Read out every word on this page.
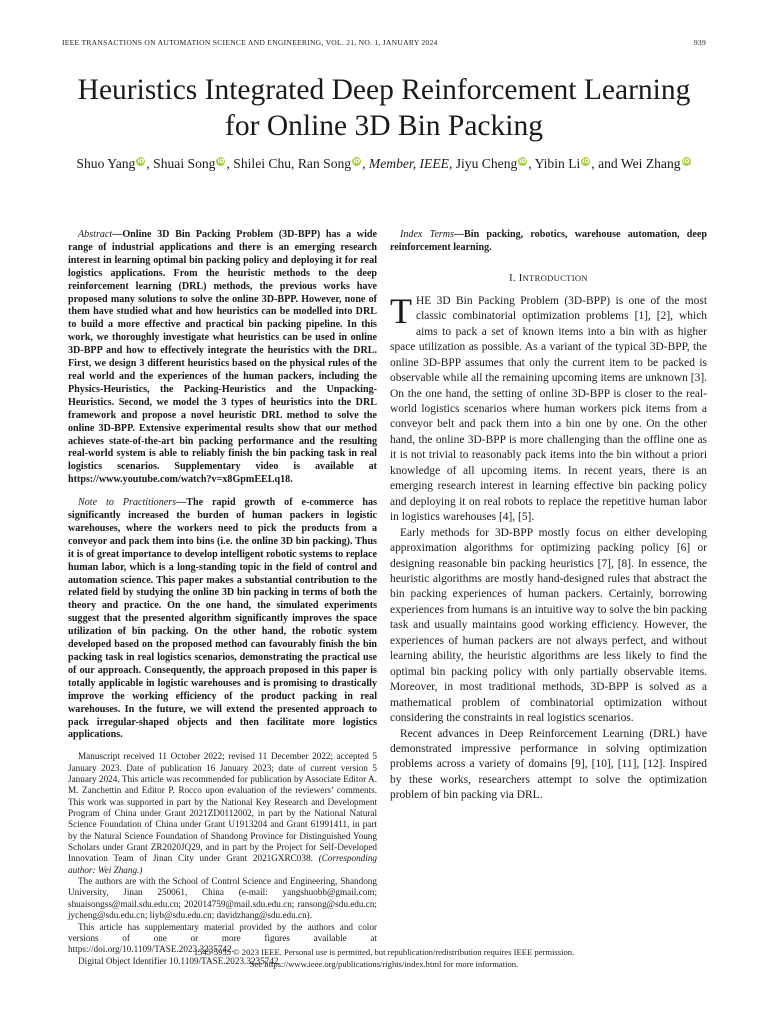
IEEE TRANSACTIONS ON AUTOMATION SCIENCE AND ENGINEERING, VOL. 21, NO. 1, JANUARY 2024	939
Heuristics Integrated Deep Reinforcement Learning
for Online 3D Bin Packing
Shuo Yang iD , Shuai Song iD , Shilei Chu, Ran Song iD , Member, IEEE, Jiyu Cheng iD , Yibin Li iD , and Wei Zhang iD

Abstract—Online 3D Bin Packing Problem (3D-BPP) has a wide range of industrial applications and there is an emerging research interest in learning optimal bin packing policy and deploying it for real logistics applications. From the heuristic methods to the deep reinforcement learning (DRL) methods, the previous works have proposed many solutions to solve the online 3D-BPP. However, none of them have studied what and how heuristics can be modelled into DRL to build a more effective and practical bin packing pipeline. In this work, we thoroughly investigate what heuristics can be used in online 3D-BPP and how to effectively integrate the heuristics with the DRL. First, we design 3 different heuristics based on the physical rules of the real world and the experiences of the human packers, including the Physics-Heuristics, the Packing-Heuristics and the Unpacking-Heuristics. Second, we model the 3 types of heuristics into the DRL framework and propose a novel heuristic DRL method to solve the online 3D-BPP. Extensive experimental results show that our method achieves state-of-the-art bin packing performance and the resulting real-world system is able to reliably finish the bin packing task in real logistics scenarios. Supplementary video is available at https://www.youtube.com/watch?v=x8GpmEELq18.

Note to Practitioners—The rapid growth of e-commerce has significantly increased the burden of human packers in logistic warehouses, where the workers need to pick the products from a conveyor and pack them into bins (i.e. the online 3D bin packing). Thus it is of great importance to develop intelligent robotic systems to replace human labor, which is a long-standing topic in the field of control and automation science. This paper makes a substantial contribution to the related field by studying the online 3D bin packing in terms of both the theory and practice. On the one hand, the simulated experiments suggest that the presented algorithm significantly improves the space utilization of bin packing. On the other hand, the robotic system developed based on the proposed method can favourably finish the bin packing task in real logistics scenarios, demonstrating the practical use of our approach. Consequently, the approach proposed in this paper is totally applicable in logistic warehouses and is promising to drastically improve the working efficiency of the product packing in real warehouses. In the future, we will extend the presented approach to pack irregular-shaped objects and then facilitate more logistics applications.

Manuscript received 11 October 2022; revised 11 December 2022; accepted 5 January 2023. Date of publication 16 January 2023; date of current version 5 January 2024. This article was recommended for publication by Associate Editor A. M. Zanchettin and Editor P. Rocco upon evaluation of the reviewers’ comments. This work was supported in part by the National Key Research and Development Program of China under Grant 2021ZD0112002, in part by the National Natural Science Foundation of China under Grant U1913204 and Grant 61991411, in part by the Natural Science Foundation of Shandong Province for Distinguished Young Scholars under Grant ZR2020JQ29, and in part by the Project for Self-Developed Innovation Team of Jinan City under Grant 2021GXRC038. (Corresponding author: Wei Zhang.)

The authors are with the School of Control Science and Engineering, Shandong University, Jinan 250061, China (e-mail: yangshuobb@gmail.com; shuaisongss@mail.sdu.edu.cn; 202014759@mail.sdu.edu.cn; ransong@sdu.edu.cn; jycheng@sdu.edu.cn; liyb@sdu.edu.cn; davidzhang@sdu.edu.cn).

This article has supplementary material provided by the authors and color versions of one or more figures available at https://doi.org/10.1109/TASE.2023.3235742.

Digital Object Identifier 10.1109/TASE.2023.3235742

Index Terms—Bin packing, robotics, warehouse automation, deep reinforcement learning.

I. INTRODUCTION

THE 3D Bin Packing Problem (3D-BPP) is one of the most classic combinatorial optimization problems [1], [2], which aims to pack a set of known items into a bin with as higher space utilization as possible. As a variant of the typical 3D-BPP, the online 3D-BPP assumes that only the current item to be packed is observable while all the remaining upcoming items are unknown [3]. On the one hand, the setting of online 3D-BPP is closer to the real-world logistics scenarios where human workers pick items from a conveyor belt and pack them into a bin one by one. On the other hand, the online 3D-BPP is more challenging than the offline one as it is not trivial to reasonably pack items into the bin without a priori knowledge of all upcoming items. In recent years, there is an emerging research interest in learning effective bin packing policy and deploying it on real robots to replace the repetitive human labor in logistics warehouses [4], [5].

Early methods for 3D-BPP mostly focus on either developing approximation algorithms for optimizing packing policy [6] or designing reasonable bin packing heuristics [7], [8]. In essence, the heuristic algorithms are mostly hand-designed rules that abstract the bin packing experiences of human packers. Certainly, borrowing experiences from humans is an intuitive way to solve the bin packing task and usually maintains good working efficiency. However, the experiences of human packers are not always perfect, and without learning ability, the heuristic algorithms are less likely to find the optimal bin packing policy with only partially observable items. Moreover, in most traditional methods, 3D-BPP is solved as a mathematical problem of combinatorial optimization without considering the constraints in real logistics scenarios.

Recent advances in Deep Reinforcement Learning (DRL) have demonstrated impressive performance in solving optimization problems across a variety of domains [9], [10], [11], [12]. Inspired by these works, researchers attempt to solve the optimization problem of bin packing via DRL.

1545-5955 © 2023 IEEE. Personal use is permitted, but republication/redistribution requires IEEE permission.
See https://www.ieee.org/publications/rights/index.html for more information.
